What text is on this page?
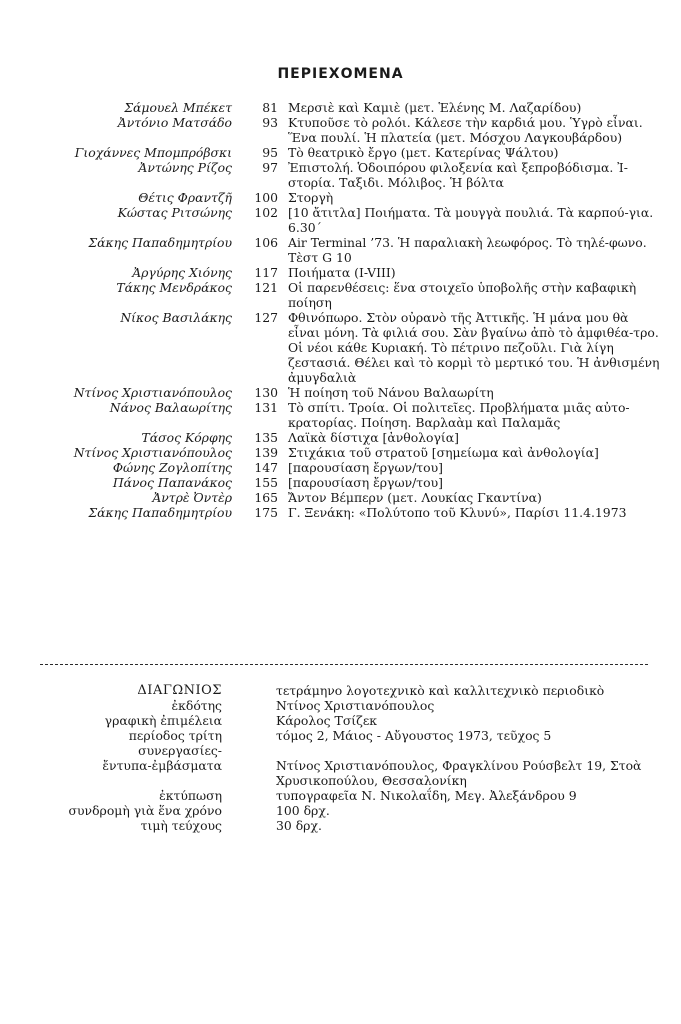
ΠΕΡΙΕΧΟΜΕΝΑ
Σάμουελ Μπέκετ	81 Μερσιὲ καὶ Καμιὲ (μετ. Ἑλένης Μ. Λαζαρίδου)
Ἀντόνιο Ματσάδο	93 Κτυποῦσε τὸ ρολόι. Κάλεσε τὴν καρδιά μου. Ὑγρὸ εἶναι. Ἕνα πουλί. Ἡ πλατεία (μετ. Μόσχου Λαγκουβάρδου)
Γιοχάννες Μπομπρόβσκι	95 Τὸ θεατρικὸ ἔργο (μετ. Κατερίνας Ψάλτου)
Ἀντώνης Ρίζος	97 Ἐπιστολή. Ὁδοιπόρου φιλοξενία καὶ ξεπροβόδισμα. Ἰ-στορία. Ταξιδι. Μόλιβος. Ἡ βόλτα
Θέτις Φραντζῆ	100 Στοργὴ
Κώστας Ριτσώνης	102 [10 ἄτιτλα] Ποιήματα. Τὰ μουγγὰ πουλιά. Τὰ καρπού-για. 6.30΄
Σάκης Παπαδημητρίου	106 Air Terminal ’73. Ἡ παραλιακὴ λεωφόρος. Τὸ τηλέ-φωνο. Τὲστ G 10
Ἀργύρης Χιόνης	117 Ποιήματα (I-VIII)
Τάκης Μενδράκος	121 Οἱ παρενθέσεις: ἕνα στοιχεῖο ὑποβολῆς στὴν καβαφικὴ ποίηση
Νίκος Βασιλάκης	127 Φθινόπωρο. Στὸν οὐρανὸ τῆς Ἀττικῆς. Ἡ μάνα μου θὰ εἶναι μόνη. Τὰ φιλιά σου. Σὰν βγαίνω ἀπὸ τὸ ἀμφιθέα-τρο. Οἱ νέοι κάθε Κυριακή. Τὸ πέτρινο πεζοῦλι. Γιὰ λίγη ζεστασιά. Θέλει καὶ τὸ κορμὶ τὸ μερτικό του. Ἡ ἀνθισμένη ἀμυγδαλιὰ
Ντίνος Χριστιανόπουλος	130 Ἡ ποίηση τοῦ Νάνου Βαλαωρίτη
Νάνος Βαλαωρίτης	131 Τὸ σπίτι. Τροία. Οἱ πολιτεῖες. Προβλήματα μιᾶς αὐτο-κρατορίας. Ποίηση. Βαρλαὰμ καὶ Παλαμᾶς
Τάσος Κόρφης	135 Λαϊκὰ δίστιχα [ἀνθολογία]
Ντίνος Χριστιανόπουλος	139 Στιχάκια τοῦ στρατοῦ [σημείωμα καὶ ἀνθολογία]
Φώνης Ζογλοπίτης	147 [παρουσίαση ἔργων/του]
Πάνος Παπανάκος	155 [παρουσίαση ἔργων/του]
Ἀντρὲ Ὀντὲρ	165 Ἄντον Βέμπερν (μετ. Λουκίας Γκαντίνα)
Σάκης Παπαδημητρίου	175 Γ. Ξενάκη: «Πολύτοπο τοῦ Κλυνύ», Παρίσι 11.4.1973
ΔΙΑΓΩΝΙΟΣ	τετράμηνο λογοτεχνικὸ καὶ καλλιτεχνικὸ περιοδικὸ
ἐκδότης	Ντίνος Χριστιανόπουλος
γραφικὴ ἐπιμέλεια	Κάρολος Τσίζεκ
περίοδος τρίτη	τόμος 2, Μάιος - Αὔγουστος 1973, τεῦχος 5
συνεργασίες-
ἔντυπα-ἐμβάσματα	Ντίνος Χριστιανόπουλος, Φραγκλίνου Ρούσβελτ 19, Στοὰ Χρυσικοπούλου, Θεσσαλονίκη
ἐκτύπωση	τυπογραφεῖα Ν. Νικολαΐδη, Μεγ. Ἀλεξάνδρου 9
συνδρομὴ γιὰ ἕνα χρόνο	100 δρχ.
τιμὴ τεύχους	30 δρχ.
